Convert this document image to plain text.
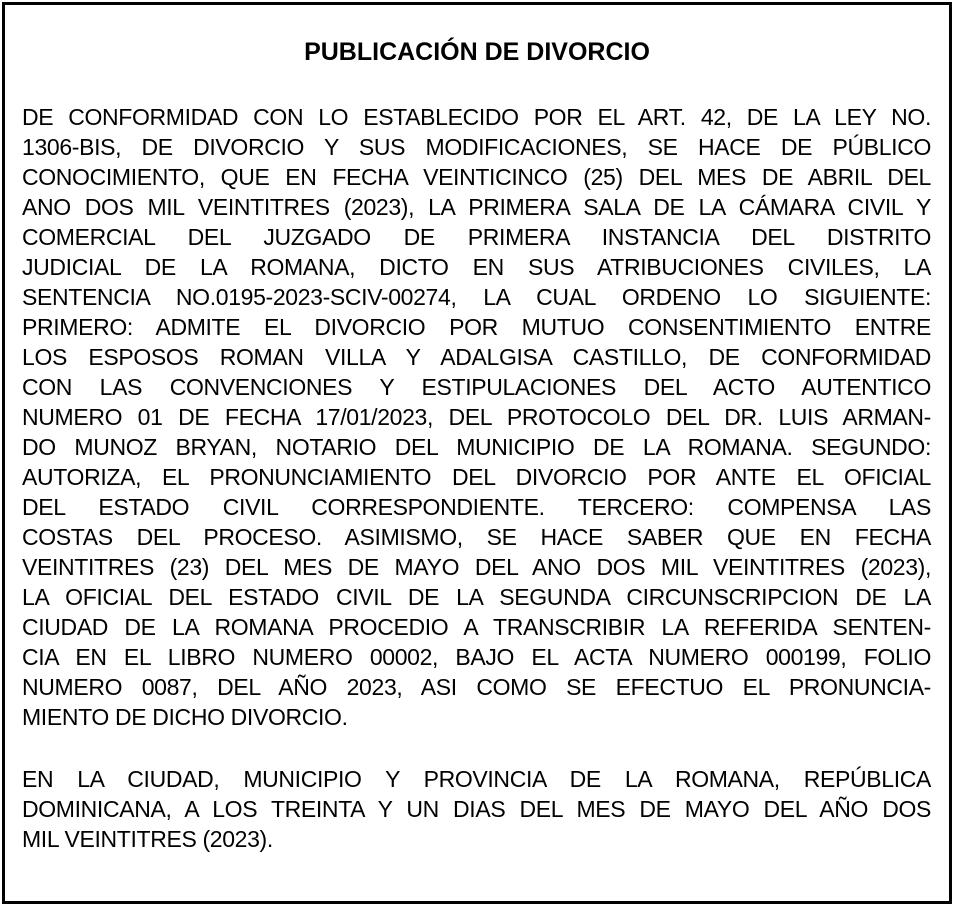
PUBLICACIÓN DE DIVORCIO
DE CONFORMIDAD CON LO ESTABLECIDO POR EL ART. 42, DE LA LEY NO.
1306-BIS, DE DIVORCIO Y SUS MODIFICACIONES, SE HACE DE PÚBLICO
CONOCIMIENTO, QUE EN FECHA VEINTICINCO (25) DEL MES DE ABRIL DEL
ANO DOS MIL VEINTITRES (2023), LA PRIMERA SALA DE LA CÁMARA CIVIL Y
COMERCIAL DEL JUZGADO DE PRIMERA INSTANCIA DEL DISTRITO
JUDICIAL DE LA ROMANA, DICTO EN SUS ATRIBUCIONES CIVILES, LA
SENTENCIA NO.0195-2023-SCIV-00274, LA CUAL ORDENO LO SIGUIENTE:
PRIMERO: ADMITE EL DIVORCIO POR MUTUO CONSENTIMIENTO ENTRE
LOS ESPOSOS ROMAN VILLA Y ADALGISA CASTILLO, DE CONFORMIDAD
CON LAS CONVENCIONES Y ESTIPULACIONES DEL ACTO AUTENTICO
NUMERO 01 DE FECHA 17/01/2023, DEL PROTOCOLO DEL DR. LUIS ARMAN-
DO MUNOZ BRYAN, NOTARIO DEL MUNICIPIO DE LA ROMANA. SEGUNDO:
AUTORIZA, EL PRONUNCIAMIENTO DEL DIVORCIO POR ANTE EL OFICIAL
DEL ESTADO CIVIL CORRESPONDIENTE. TERCERO: COMPENSA LAS
COSTAS DEL PROCESO. ASIMISMO, SE HACE SABER QUE EN FECHA
VEINTITRES (23) DEL MES DE MAYO DEL ANO DOS MIL VEINTITRES (2023),
LA OFICIAL DEL ESTADO CIVIL DE LA SEGUNDA CIRCUNSCRIPCION DE LA
CIUDAD DE LA ROMANA PROCEDIO A TRANSCRIBIR LA REFERIDA SENTEN-
CIA EN EL LIBRO NUMERO 00002, BAJO EL ACTA NUMERO 000199, FOLIO
NUMERO 0087, DEL AÑO 2023, ASI COMO SE EFECTUO EL PRONUNCIA-
MIENTO DE DICHO DIVORCIO.
EN LA CIUDAD, MUNICIPIO Y PROVINCIA DE LA ROMANA, REPÚBLICA
DOMINICANA, A LOS TREINTA Y UN DIAS DEL MES DE MAYO DEL AÑO DOS
MIL VEINTITRES (2023).
